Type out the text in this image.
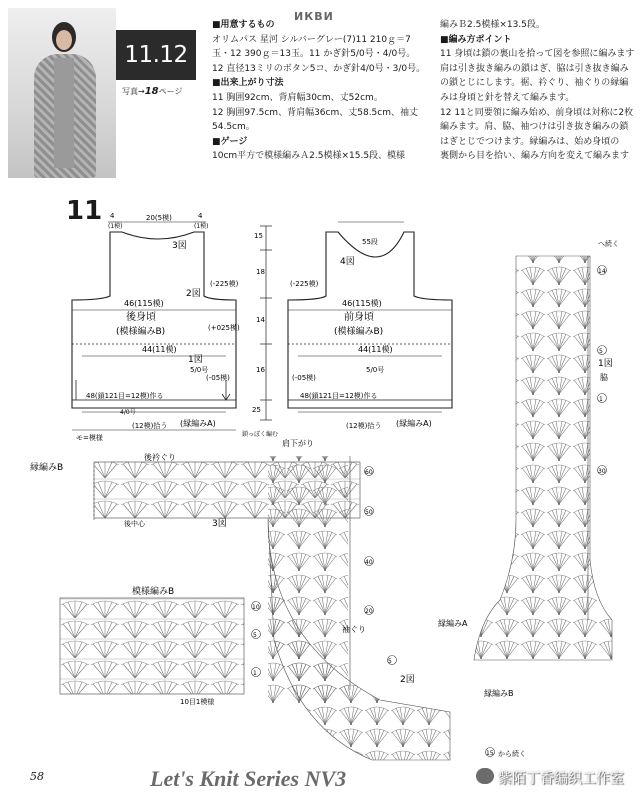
11.12
写真→18ページ
ИКВИ
■用意するもの
オリムパス 星河 シルバーグレー(7)11 210ｇ＝7
玉・12 390ｇ＝13玉。11 かぎ針5/0号・4/0号。
12 直径13ミリのボタン5コ、かぎ針4/0号・3/0号。
■出来上がり寸法
11 胸囲92cm、背肩幅30cm、丈52cm。
12 胸囲97.5cm、背肩幅36cm、丈58.5cm、袖丈
54.5cm。
■ゲージ
10cm平方で模様編みＡ2.5模様×15.5段、模様
編みＢ2.5模様×13.5段。
■編み方ポイント
11 身頃は鎖の裏山を拾って図を参照に編みます
肩は引き抜き編みの鎖はぎ、脇は引き抜き編み
の鎖とじにします。裾、衿ぐり、袖ぐりの縁編
みは身頃と針を替えて編みます。
12 11と同要領に編み始め、前身頃は対称に2枚
編みます。肩、脇、袖つけは引き抜き編みの鎖
はぎとじでつけます。縁編みは、始め身頃の
裏側から目を拾い、編み方向を変えて編みます
11 4
(1模)
20(5模)	4
(1模)
3図
2図
(-225模)
46(115模)
後身頃
(模様編みB)	(+025模)
44(11模)
1図
5/0号
(-05模)
48(鎖121目=12模)作る
(縁編みA)
モ=模様
(12模)拾う
4/0号
4図
55段
(-225模)
46(115模)
前身頃
(模様編みB)
44(11模)
5/0号
(-05模)
48(鎖121目=12模)作る
(縁編みA)
(12模)拾う
鎖っぽく編む
15
18
14
16
25
縁編みB
後衿ぐり
肩下がり
後中心	3図
袖ぐり
2図
模様編みB
10目1模様
縁編みA
縁編みB
1図
脇
へ続く
から続く
60
50
40
20
5
15
14
5
1
30
10
5
1
58	Let's Knit Series NV3	紫陌丁香编织工作室
